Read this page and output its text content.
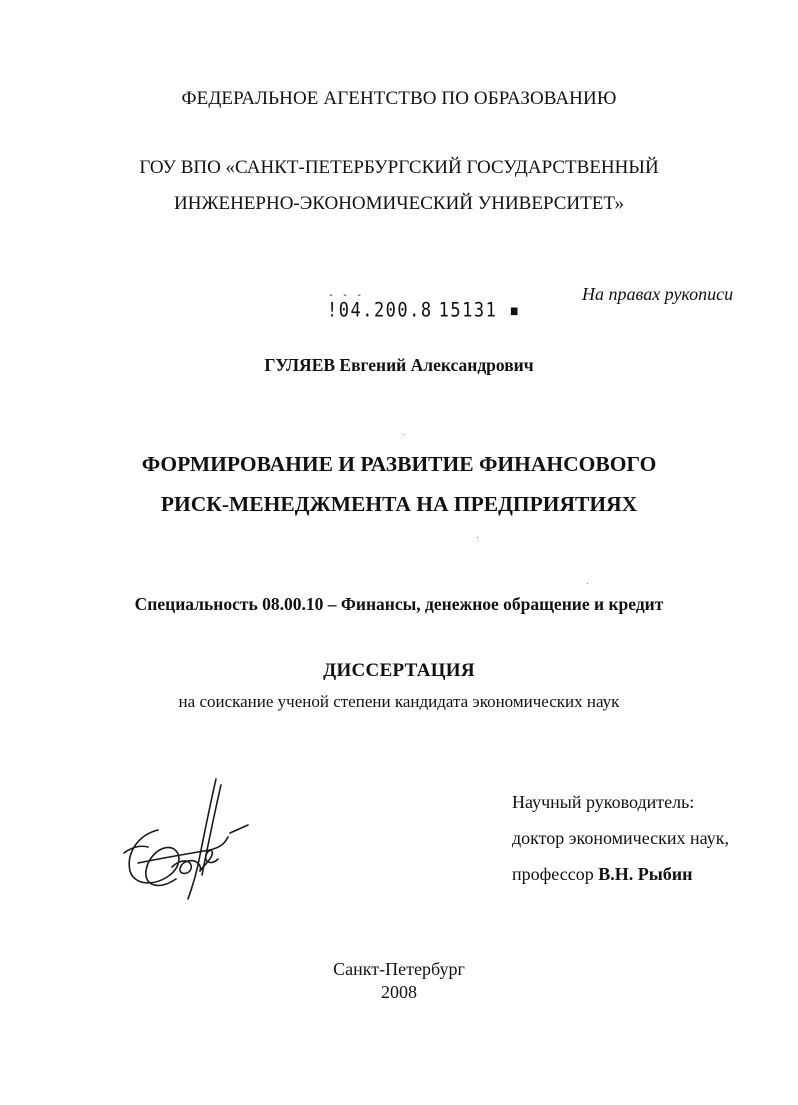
ФЕДЕРАЛЬНОЕ АГЕНТСТВО ПО ОБРАЗОВАНИЮ
ГОУ ВПО «САНКТ-ПЕТЕРБУРГСКИЙ ГОСУДАРСТВЕННЫЙ
ИНЖЕНЕРНО-ЭКОНОМИЧЕСКИЙ УНИВЕРСИТЕТ»
На правах рукописи
- - -
!04.200.8 15131 ▪
ГУЛЯЕВ Евгений Александрович
ФОРМИРОВАНИЕ И РАЗВИТИЕ ФИНАНСОВОГО
РИСК-МЕНЕДЖМЕНТА НА ПРЕДПРИЯТИЯХ
Специальность 08.00.10 – Финансы, денежное обращение и кредит
ДИССЕРТАЦИЯ
на соискание ученой степени кандидата экономических наук
Научный руководитель:
доктор экономических наук,
профессор В.Н. Рыбин
Санкт-Петербург
2008
